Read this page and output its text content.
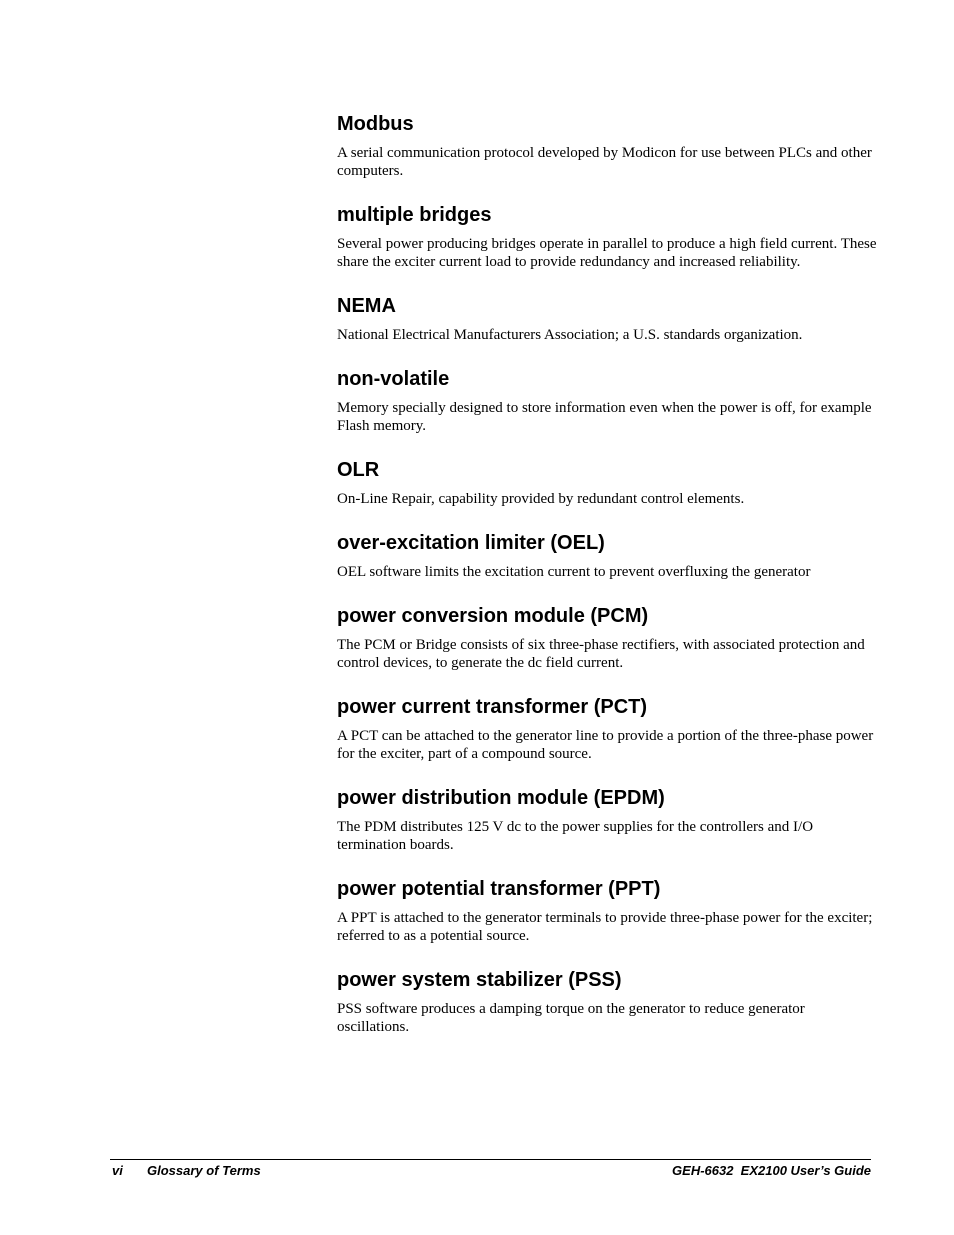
Modbus
A serial communication protocol developed by Modicon for use between PLCs and other computers.
multiple bridges
Several power producing bridges operate in parallel to produce a high field current. These share the exciter current load to provide redundancy and increased reliability.
NEMA
National Electrical Manufacturers Association; a U.S. standards organization.
non-volatile
Memory specially designed to store information even when the power is off, for example Flash memory.
OLR
On-Line Repair, capability provided by redundant control elements.
over-excitation limiter (OEL)
OEL software limits the excitation current to prevent overfluxing the generator
power conversion module (PCM)
The PCM or Bridge consists of six three-phase rectifiers, with associated protection and control devices, to generate the dc field current.
power current transformer (PCT)
A PCT can be attached to the generator line to provide a portion of the three-phase power for the exciter, part of a compound source.
power distribution module (EPDM)
The PDM distributes 125 V dc to the power supplies for the controllers and I/O termination boards.
power potential transformer (PPT)
A PPT is attached to the generator terminals to provide three-phase power for the exciter; referred to as a potential source.
power system stabilizer (PSS)
PSS software produces a damping torque on the generator to reduce generator oscillations.
vi Glossary of Terms	GEH-6632  EX2100 User’s Guide
